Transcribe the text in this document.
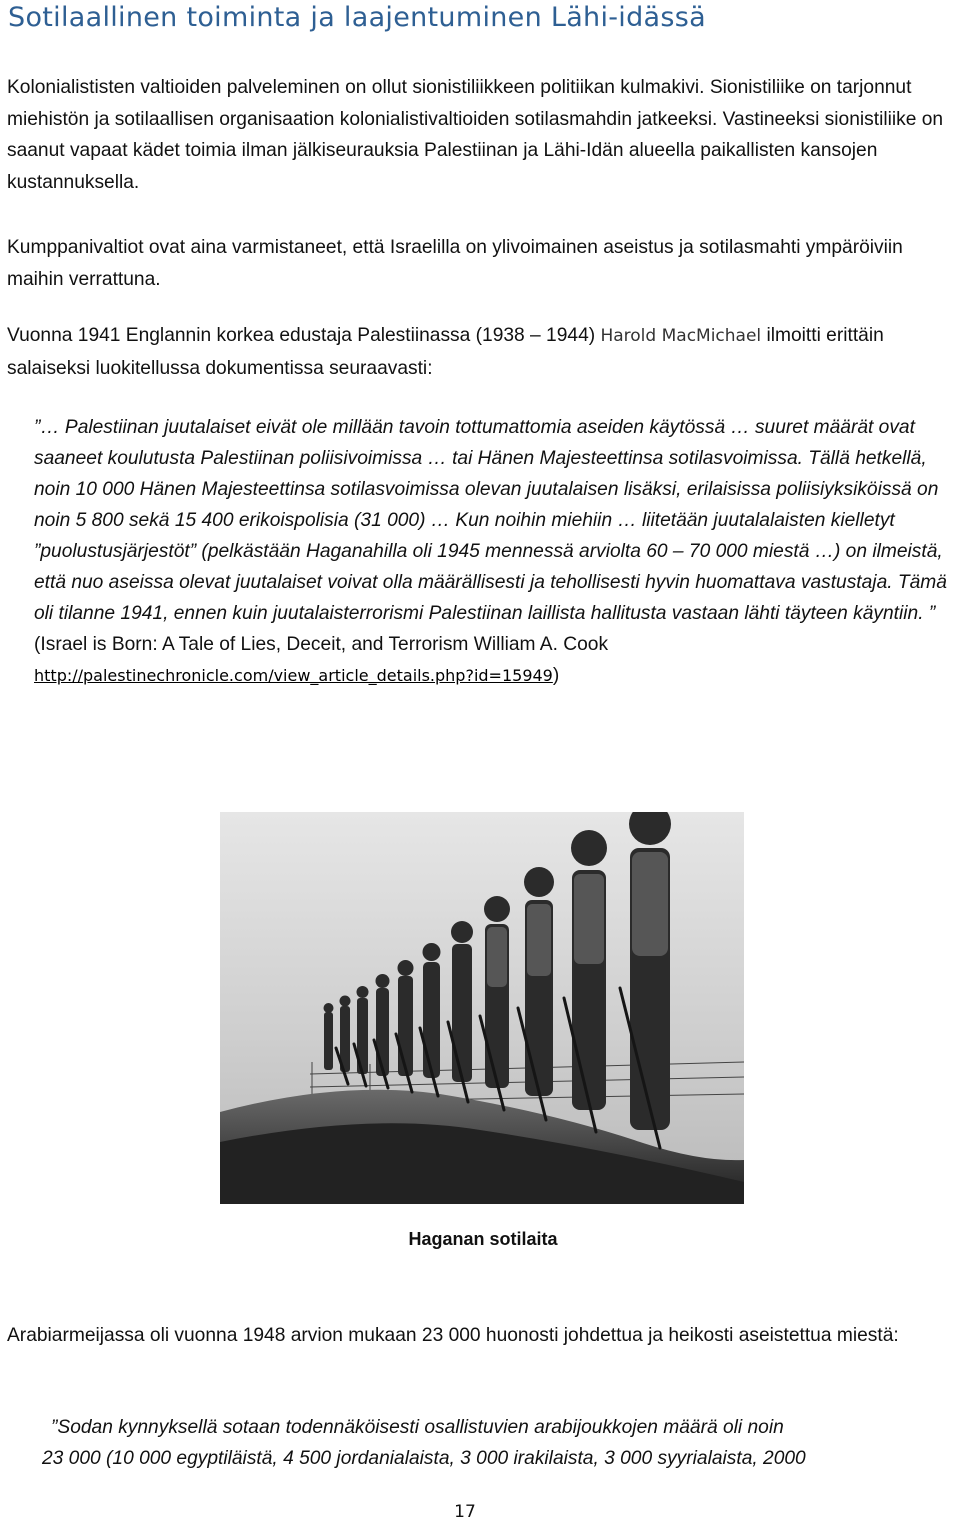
Sotilaallinen toiminta ja laajentuminen Lähi-idässä

Kolonialististen valtioiden palveleminen on ollut sionistiliikkeen politiikan kulmakivi. Sionistiliike on tarjonnut miehistön ja sotilaallisen organisaation kolonialistivaltioiden sotilasmahdin jatkeeksi. Vastineeksi sionistiliike on saanut vapaat kädet toimia ilman jälkiseurauksia Palestiinan ja Lähi-Idän alueella paikallisten kansojen kustannuksella.

Kumppanivaltiot ovat aina varmistaneet, että Israelilla on ylivoimainen aseistus ja sotilasmahti ympäröiviin maihin verrattuna.

Vuonna 1941 Englannin korkea edustaja Palestiinassa (1938 – 1944) Harold MacMichael ilmoitti erittäin salaiseksi luokitellussa dokumentissa seuraavasti:

”… Palestiinan juutalaiset eivät ole millään tavoin tottumattomia aseiden käytössä … suuret määrät ovat saaneet koulutusta Palestiinan poliisivoimissa … tai Hänen Majesteettinsa sotilasvoimissa. Tällä hetkellä, noin 10 000 Hänen Majesteettinsa sotilasvoimissa olevan juutalaisen lisäksi, erilaisissa poliisiyksiköissä on noin 5 800 sekä 15 400 erikoispolisia (31 000) … Kun noihin miehiin … liitetään juutalalaisten kielletyt ”puolustusjärjestöt” (pelkästään Haganahilla oli 1945 mennessä arviolta 60 – 70 000 miestä …) on ilmeistä, että nuo aseissa olevat juutalaiset voivat olla määrällisesti ja tehollisesti hyvin huomattava vastustaja. Tämä oli tilanne 1941, ennen kuin juutalaisterrorismi Palestiinan laillista hallitusta vastaan lähti täyteen käyntiin. ”
(Israel is Born: A Tale of Lies, Deceit, and Terrorism William A. Cook
http://palestinechronicle.com/view_article_details.php?id=15949)

Haganan sotilaita

Arabiarmeijassa oli vuonna 1948 arvion mukaan 23 000 huonosti johdettua ja heikosti aseistettua miestä:

”Sodan kynnyksellä sotaan todennäköisesti osallistuvien arabijoukkojen määrä oli noin
23 000 (10 000 egyptiläistä, 4 500 jordanialaista, 3 000 irakilaista, 3 000 syyrialaista, 2000
17
